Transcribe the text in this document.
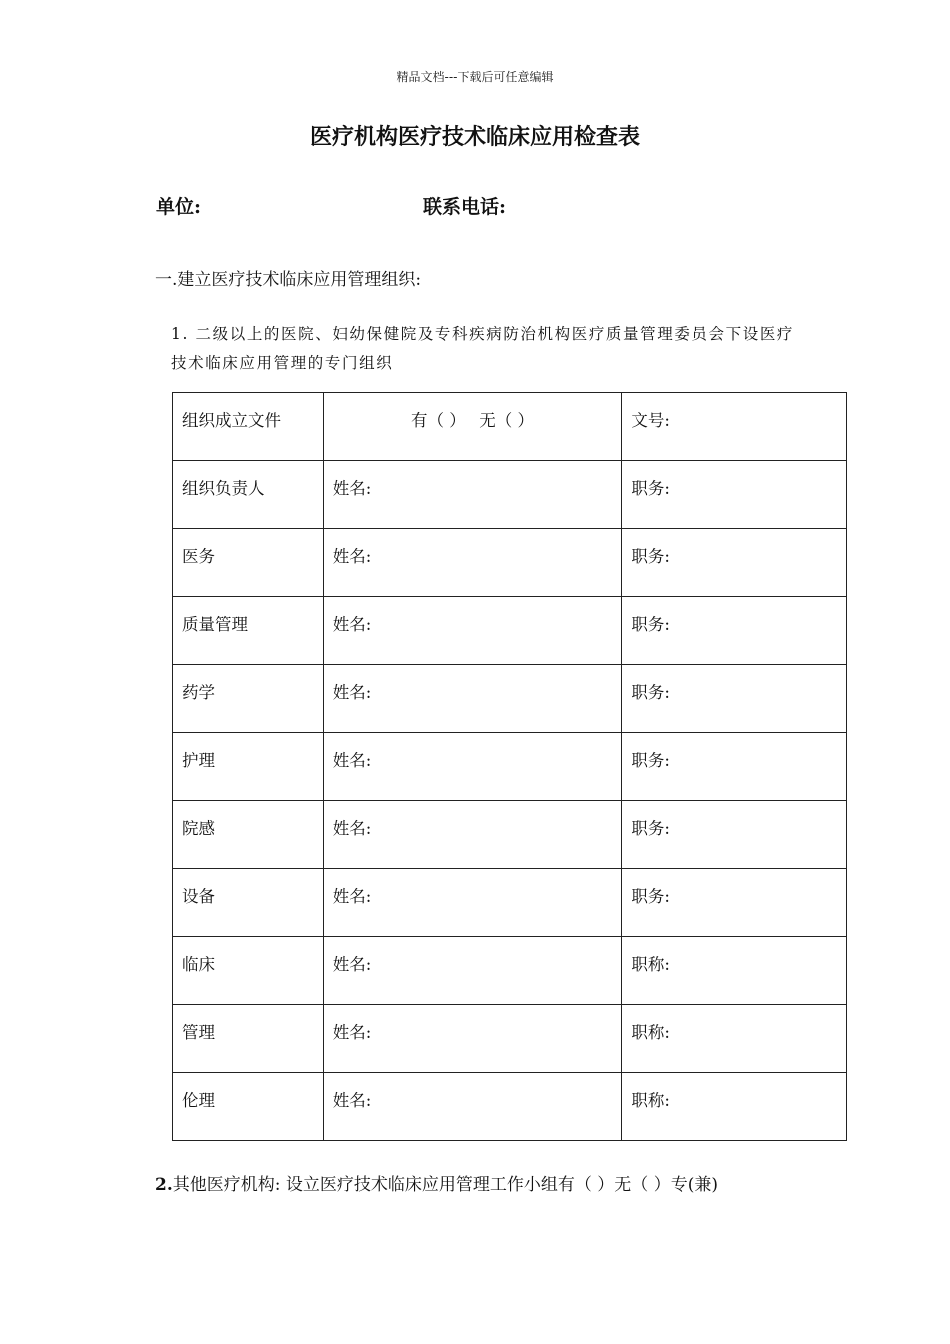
精品文档---下载后可任意编辑
医疗机构医疗技术临床应用检查表
单位:	联系电话:
一.建立医疗技术临床应用管理组织:
1. 二级以上的医院、妇幼保健院及专科疾病防治机构医疗质量管理委员会下设医疗技术临床应用管理的专门组织
组织成立文件	有（ ）　 无（ ）	文号:
组织负责人	姓名:	职务:
医务	姓名:	职务:
质量管理	姓名:	职务:
药学	姓名:	职务:
护理	姓名:	职务:
院感	姓名:	职务:
设备	姓名:	职务:
临床	姓名:	职称:
管理	姓名:	职称:
伦理	姓名:	职称:
2.其他医疗机构: 设立医疗技术临床应用管理工作小组有（ ）无（ ）专(兼)
